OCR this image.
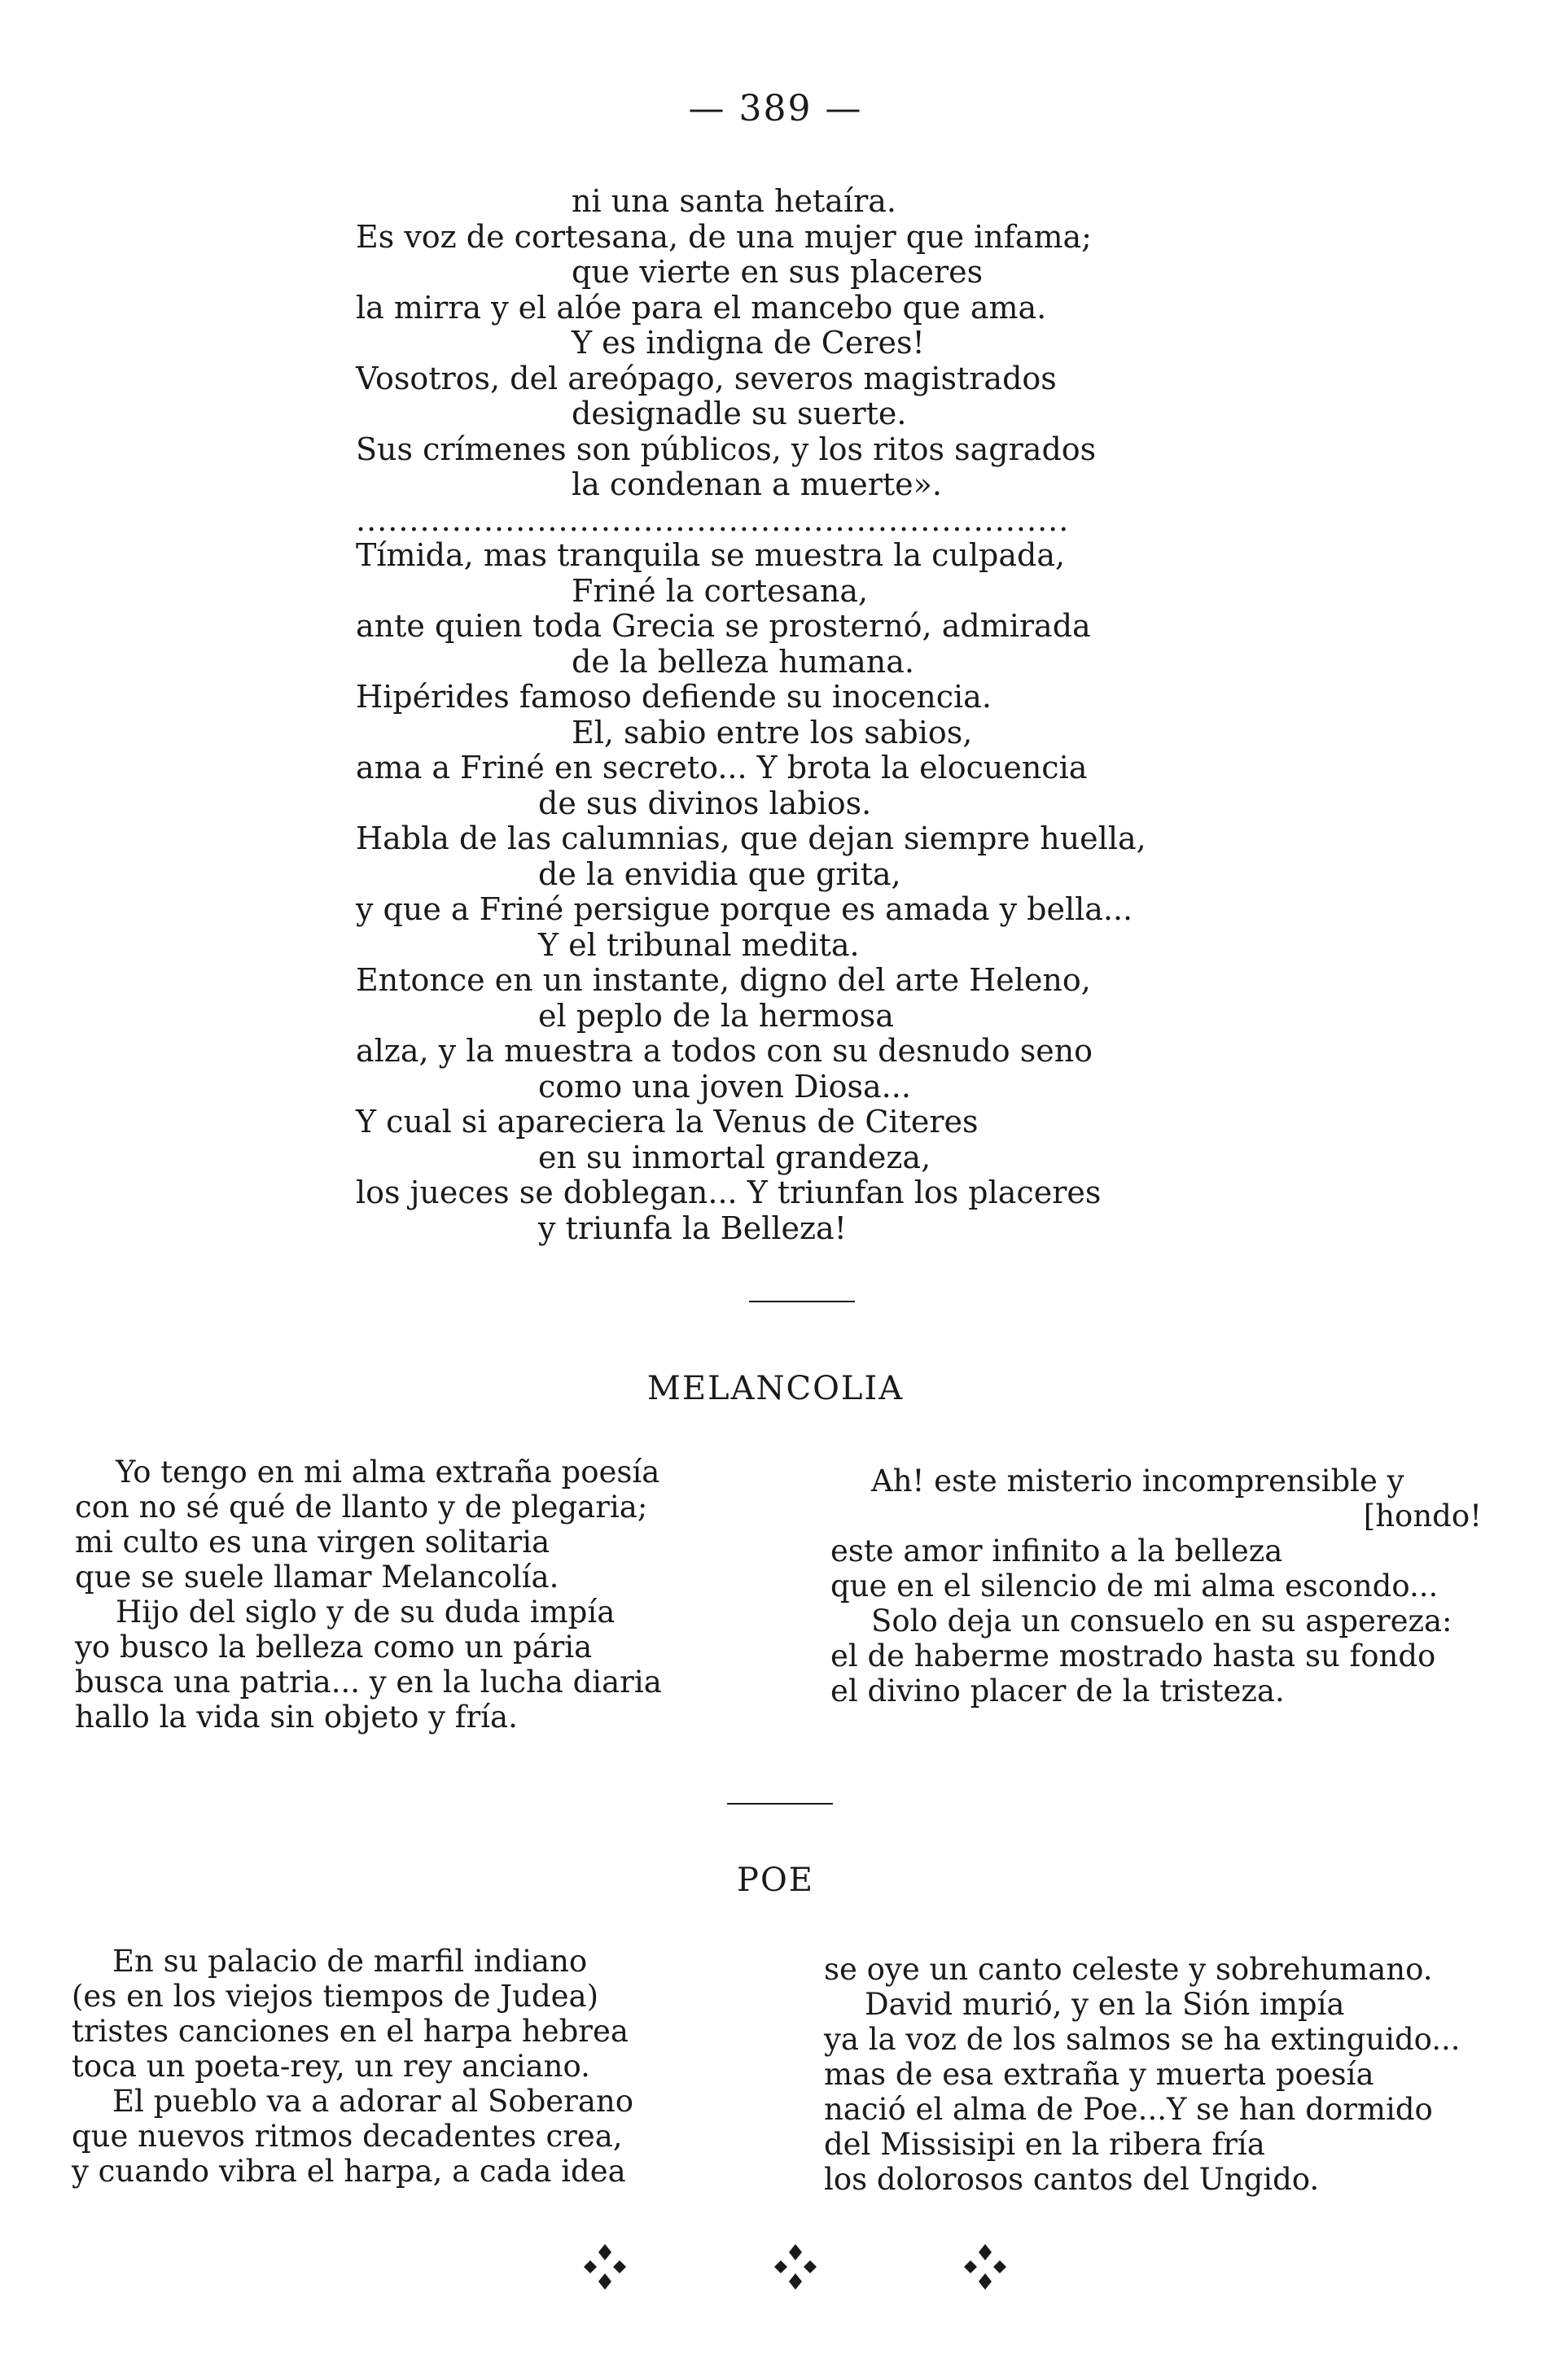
— 389 —
ni una santa hetaíra.
Es voz de cortesana, de una mujer que infama;
que vierte en sus placeres
la mirra y el alóe para el mancebo que ama.
Y es indigna de Ceres!
Vosotros, del areópago, severos magistrados
designadle su suerte.
Sus crímenes son públicos, y los ritos sagrados
la condenan a muerte».
...................................................................
Tímida, mas tranquila se muestra la culpada,
Friné la cortesana,
ante quien toda Grecia se prosternó, admirada
de la belleza humana.
Hipérides famoso defiende su inocencia.
El, sabio entre los sabios,
ama a Friné en secreto... Y brota la elocuencia
de sus divinos labios.
Habla de las calumnias, que dejan siempre huella,
de la envidia que grita,
y que a Friné persigue porque es amada y bella...
Y el tribunal medita.
Entonce en un instante, digno del arte Heleno,
el peplo de la hermosa
alza, y la muestra a todos con su desnudo seno
como una joven Diosa...
Y cual si apareciera la Venus de Citeres
en su inmortal grandeza,
los jueces se doblegan... Y triunfan los placeres
y triunfa la Belleza!
MELANCOLIA
Yo tengo en mi alma extraña poesía
con no sé qué de llanto y de plegaria;
mi culto es una virgen solitaria
que se suele llamar Melancolía.
Hijo del siglo y de su duda impía
yo busco la belleza como un pária
busca una patria... y en la lucha diaria
hallo la vida sin objeto y fría.
Ah! este misterio incomprensible y
[hondo!
este amor infinito a la belleza
que en el silencio de mi alma escondo...
Solo deja un consuelo en su aspereza:
el de haberme mostrado hasta su fondo
el divino placer de la tristeza.
POE
En su palacio de marfil indiano
(es en los viejos tiempos de Judea)
tristes canciones en el harpa hebrea
toca un poeta-rey, un rey anciano.
El pueblo va a adorar al Soberano
que nuevos ritmos decadentes crea,
y cuando vibra el harpa, a cada idea
se oye un canto celeste y sobrehumano.
David murió, y en la Sión impía
ya la voz de los salmos se ha extinguido...
mas de esa extraña y muerta poesía
nació el alma de Poe...Y se han dormido
del Missisipi en la ribera fría
los dolorosos cantos del Ungido.
